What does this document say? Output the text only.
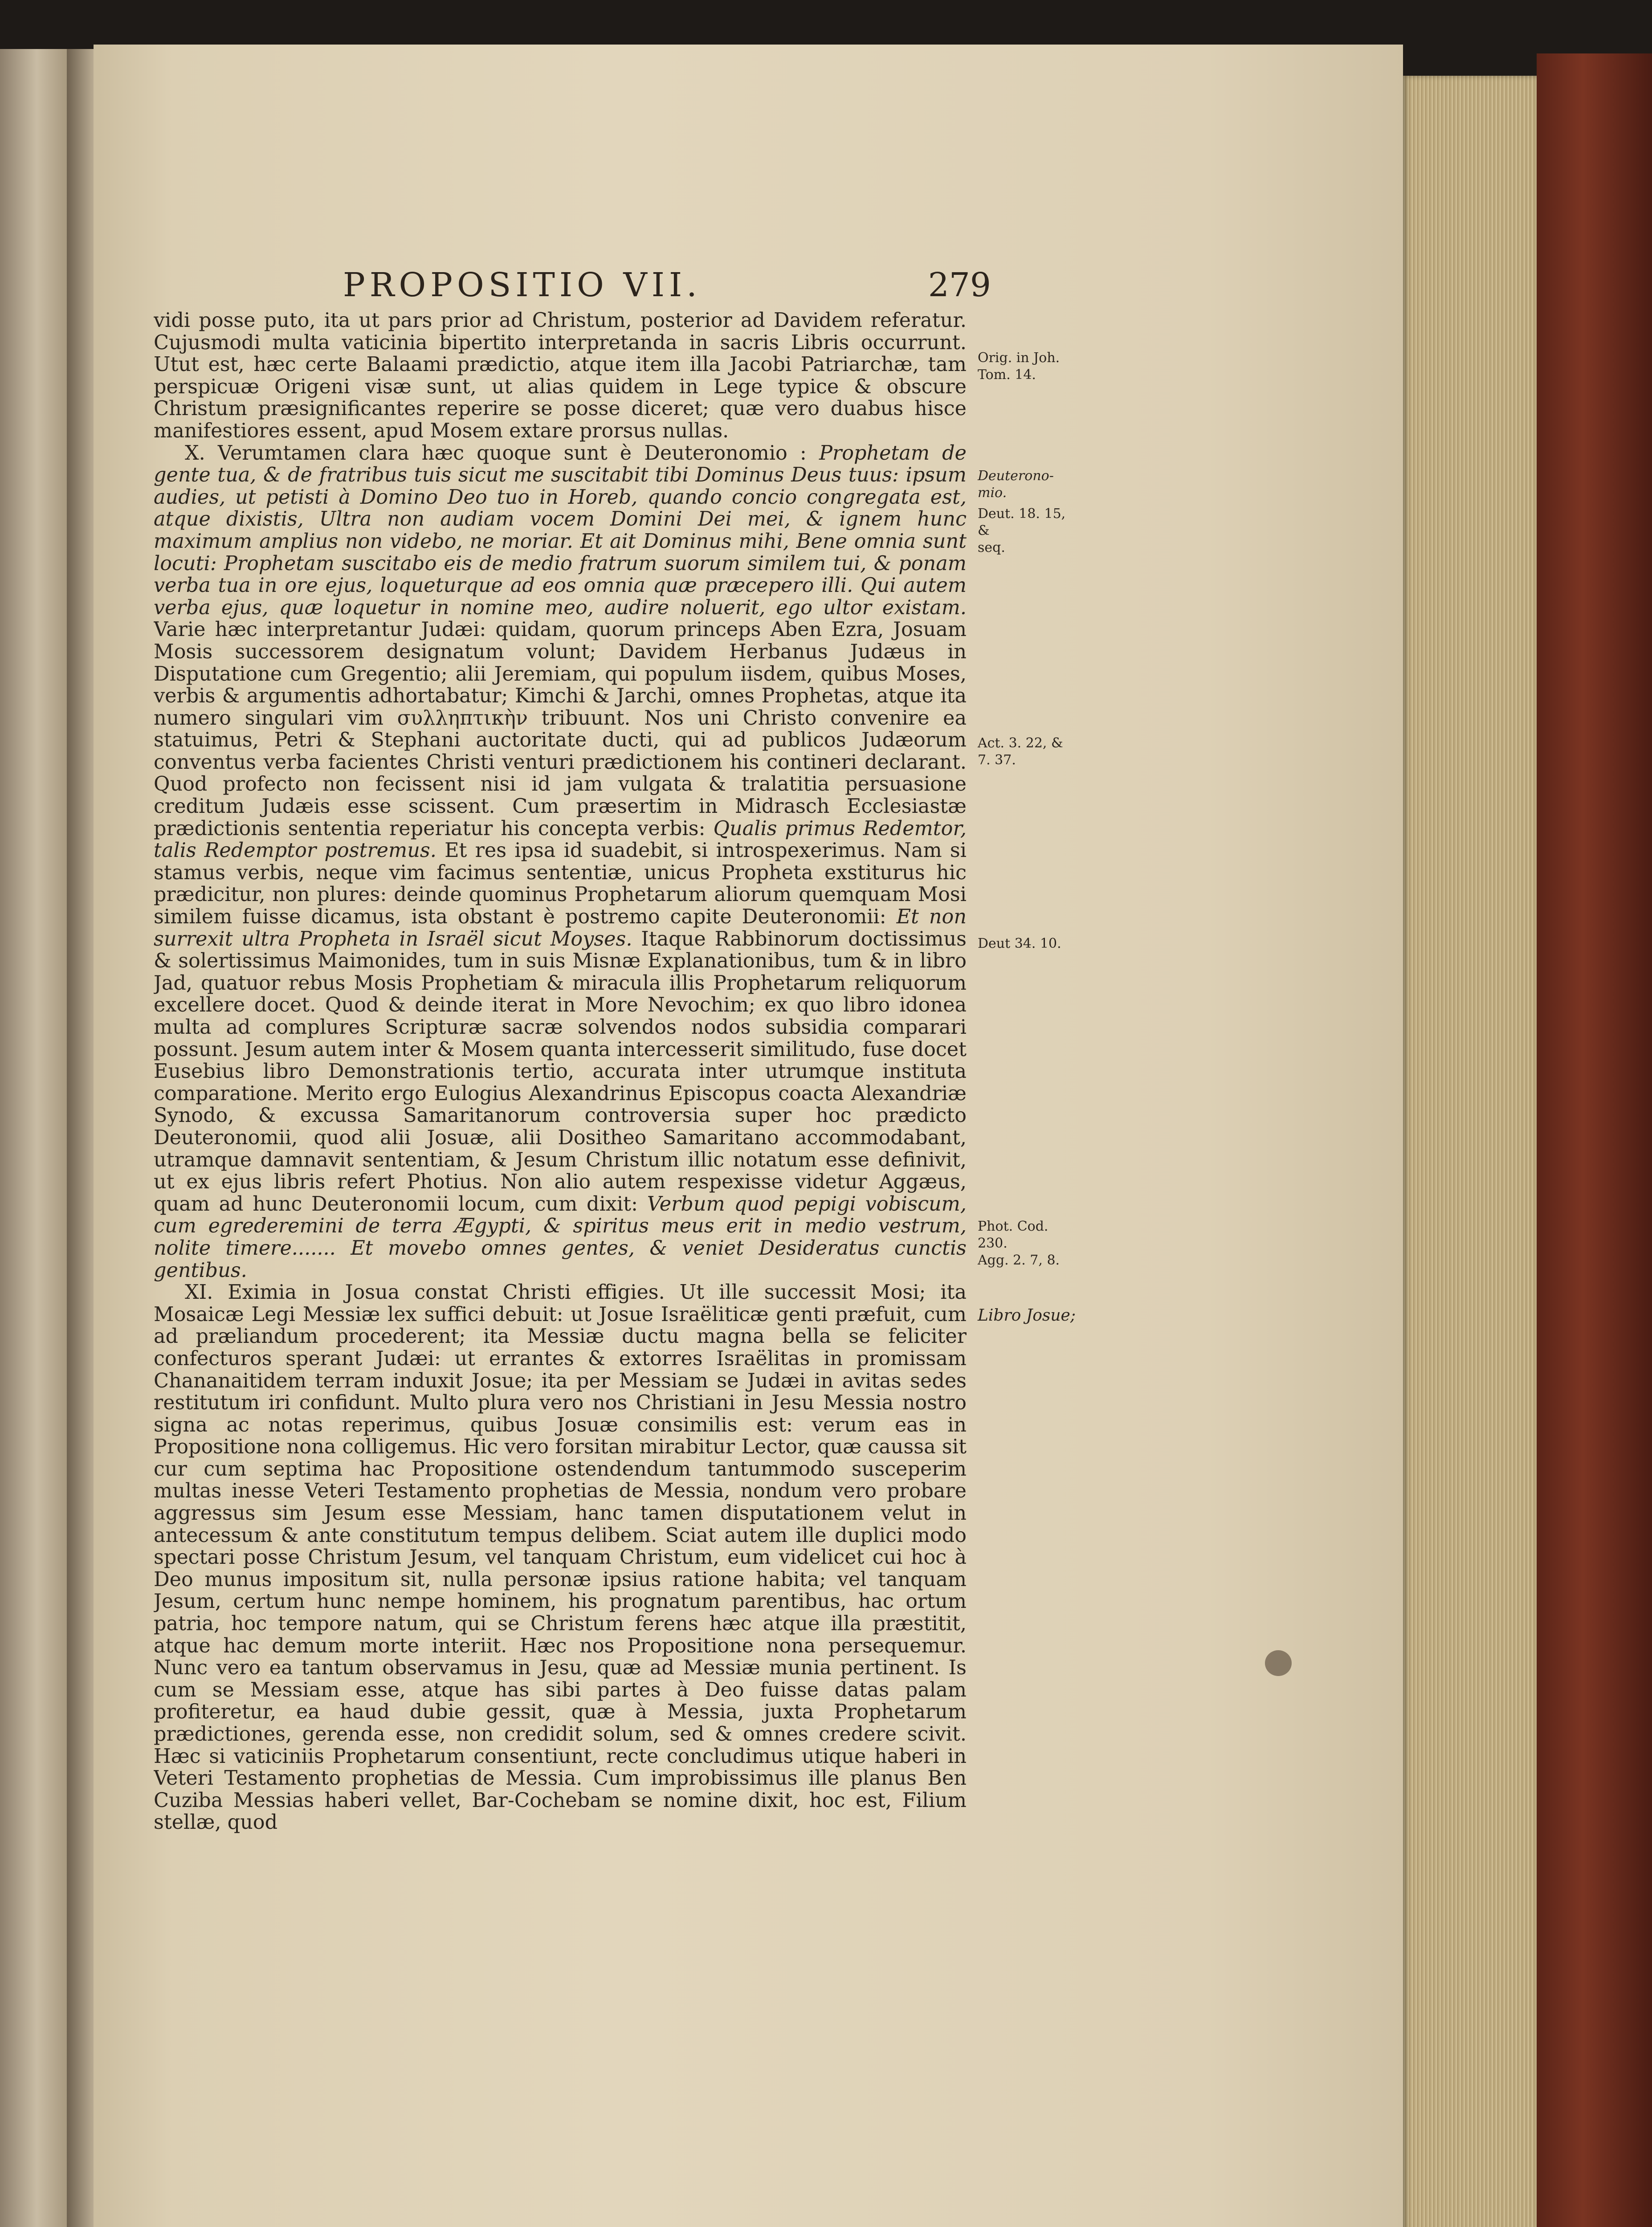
PROPOSITIO VII.	279

vidi posse puto, ita ut pars prior ad Christum, posterior ad Davidem referatur. Cujusmodi multa vaticinia bipertito interpretanda in sacris Libris occurrunt. Utut est, hæc certe Balaami prædictio, atque item illa Jacobi Patriarchæ, tam perspicuæ Origeni visæ sunt, ut alias quidem in Lege typice & obscure Christum præsignificantes reperire se posse diceret; quæ vero duabus hisce manifestiores essent, apud Mosem extare prorsus nullas.

X. Verumtamen clara hæc quoque sunt è Deuteronomio : Prophetam de gente tua, & de fratribus tuis sicut me suscitabit tibi Dominus Deus tuus: ipsum audies, ut petisti à Domino Deo tuo in Horeb, quando concio congregata est, atque dixistis, Ultra non audiam vocem Domini Dei mei, & ignem hunc maximum amplius non videbo, ne moriar. Et ait Dominus mihi, Bene omnia sunt locuti: Prophetam suscitabo eis de medio fratrum suorum similem tui, & ponam verba tua in ore ejus, loqueturque ad eos omnia quæ præcepero illi. Qui autem verba ejus, quæ loquetur in nomine meo, audire noluerit, ego ultor existam. Varie hæc interpretantur Judæi: quidam, quorum princeps Aben Ezra, Josuam Mosis successorem designatum volunt; Davidem Herbanus Judæus in Disputatione cum Gregentio; alii Jeremiam, qui populum iisdem, quibus Moses, verbis & argumentis adhortabatur; Kimchi & Jarchi, omnes Prophetas, atque ita numero singulari vim συλληπτικὴν tribuunt. Nos uni Christo convenire ea statuimus, Petri & Stephani auctoritate ducti, qui ad publicos Judæorum conventus verba facientes Christi venturi prædictionem his contineri declarant. Quod profecto non fecissent nisi id jam vulgata & tralatitia persuasione creditum Judæis esse scissent. Cum præsertim in Midrasch Ecclesiastæ prædictionis sententia reperiatur his concepta verbis: Qualis primus Redemtor, talis Redemptor postremus. Et res ipsa id suadebit, si introspexerimus. Nam si stamus verbis, neque vim facimus sententiæ, unicus Propheta exstiturus hic prædicitur, non plures: deinde quominus Prophetarum aliorum quemquam Mosi similem fuisse dicamus, ista obstant è postremo capite Deuteronomii: Et non surrexit ultra Propheta in Israël sicut Moyses. Itaque Rabbinorum doctissimus & solertissimus Maimonides, tum in suis Misnæ Explanationibus, tum & in libro Jad, quatuor rebus Mosis Prophetiam & miracula illis Prophetarum reliquorum excellere docet. Quod & deinde iterat in More Nevochim; ex quo libro idonea multa ad complures Scripturæ sacræ solvendos nodos subsidia comparari possunt. Jesum autem inter & Mosem quanta intercesserit similitudo, fuse docet Eusebius libro Demonstrationis tertio, accurata inter utrumque instituta comparatione. Merito ergo Eulogius Alexandrinus Episcopus coacta Alexandriæ Synodo, & excussa Samaritanorum controversia super hoc prædicto Deuteronomii, quod alii Josuæ, alii Dositheo Samaritano accommodabant, utramque damnavit sententiam, & Jesum Christum illic notatum esse definivit, ut ex ejus libris refert Photius. Non alio autem respexisse videtur Aggæus, quam ad hunc Deuteronomii locum, cum dixit: Verbum quod pepigi vobiscum, cum egrederemini de terra Ægypti, & spiritus meus erit in medio vestrum, nolite timere....... Et movebo omnes gentes, & veniet Desideratus cunctis gentibus.

XI. Eximia in Josua constat Christi effigies. Ut ille successit Mosi; ita Mosaicæ Legi Messiæ lex suffici debuit: ut Josue Israëliticæ genti præfuit, cum ad præliandum procederent; ita Messiæ ductu magna bella se feliciter confecturos sperant Judæi: ut errantes & extorres Israëlitas in promissam Chananaitidem terram induxit Josue; ita per Messiam se Judæi in avitas sedes restitutum iri confidunt. Multo plura vero nos Christiani in Jesu Messia nostro signa ac notas reperimus, quibus Josuæ consimilis est: verum eas in Propositione nona colligemus. Hic vero forsitan mirabitur Lector, quæ caussa sit cur cum septima hac Propositione ostendendum tantummodo susceperim multas inesse Veteri Testamento prophetias de Messia, nondum vero probare aggressus sim Jesum esse Messiam, hanc tamen disputationem velut in antecessum & ante constitutum tempus delibem. Sciat autem ille duplici modo spectari posse Christum Jesum, vel tanquam Christum, eum videlicet cui hoc à Deo munus impositum sit, nulla personæ ipsius ratione habita; vel tanquam Jesum, certum hunc nempe hominem, his prognatum parentibus, hac ortum patria, hoc tempore natum, qui se Christum ferens hæc atque illa præstitit, atque hac demum morte interiit. Hæc nos Propositione nona persequemur. Nunc vero ea tantum observamus in Jesu, quæ ad Messiæ munia pertinent. Is cum se Messiam esse, atque has sibi partes à Deo fuisse datas palam profiteretur, ea haud dubie gessit, quæ à Messia, juxta Prophetarum prædictiones, gerenda esse, non credidit solum, sed & omnes credere scivit. Hæc si vaticiniis Prophetarum consentiunt, recte concludimus utique haberi in Veteri Testamento prophetias de Messia. Cum improbissimus ille planus Ben Cuziba Messias haberi vellet, Bar-Cochebam se nomine dixit, hoc est, Filium stellæ, quod

Orig. in Joh.
Tom. 14.
Deuterono-
mio.
Deut. 18. 15, &
seq.
Act. 3. 22, &
7. 37.
Deut 34. 10.
Phot. Cod. 230.
Agg. 2. 7, 8.
Libro Josue;
